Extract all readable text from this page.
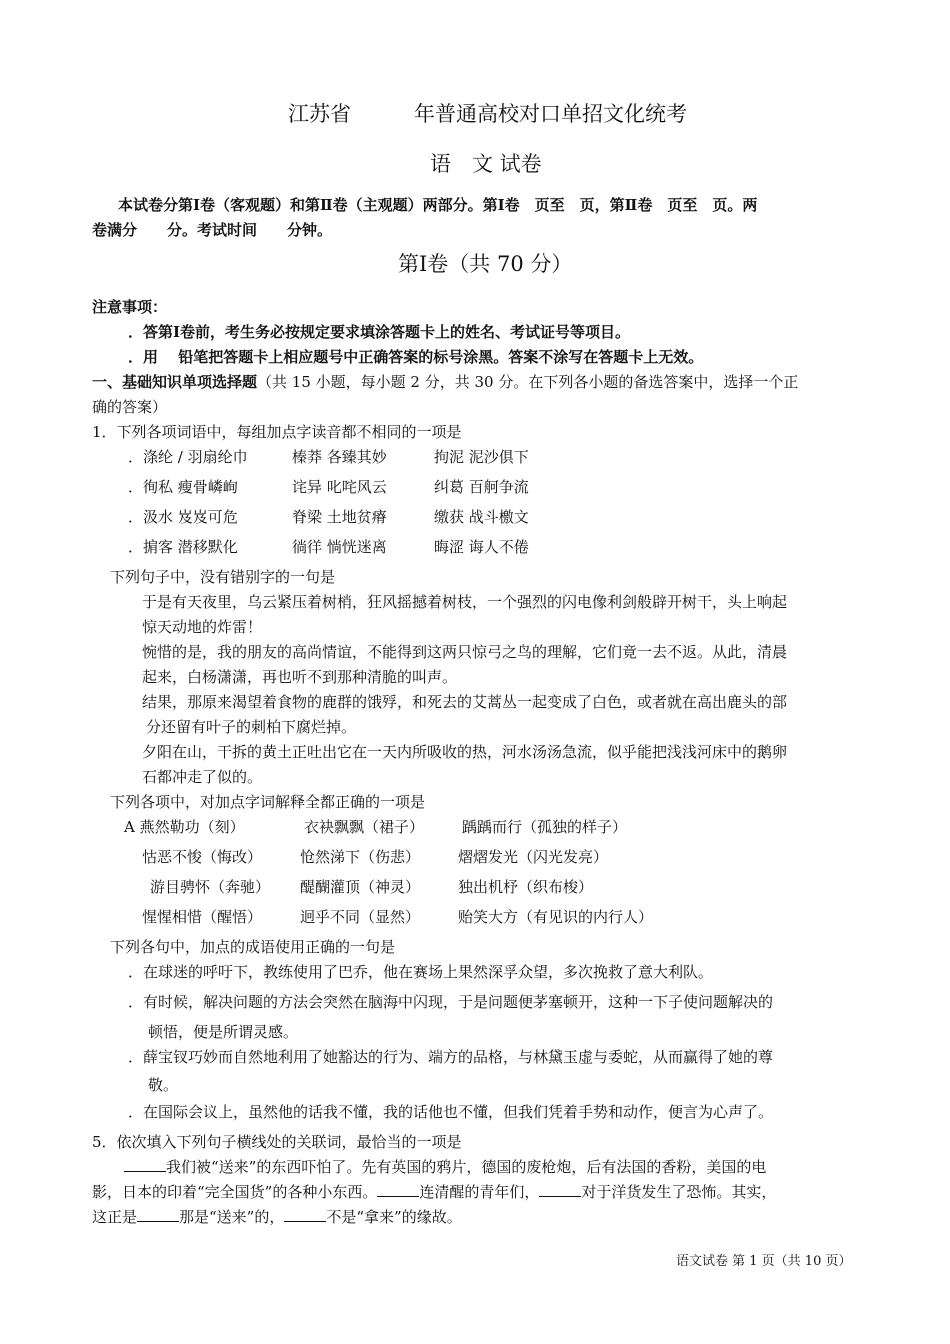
江苏省　　　年普通高校对口单招文化统考
语　文 试卷
本试卷分第Ⅰ卷（客观题）和第Ⅱ卷（主观题）两部分。第Ⅰ卷　页至　页，第Ⅱ卷　页至　页。两
卷满分　　分。考试时间　　分钟。
第Ⅰ卷（共 70 分）
注意事项：
．答第Ⅰ卷前，考生务必按规定要求填涂答题卡上的姓名、考试证号等项目。
．用　 铅笔把答题卡上相应题号中正确答案的标号涂黑。答案不涂写在答题卡上无效。
一、基础知识单项选择题（共 15 小题，每小题 2 分，共 30 分。在下列各小题的备选答案中，选择一个正
确的答案）
1．下列各项词语中，每组加点字读音都不相同的一项是
．涤纶 / 羽扇纶巾	榛莽 各臻其妙	拘泥 泥沙俱下
．徇私 瘦骨嶙峋	诧异 叱咤风云	纠葛 百舸争流
．汲水 岌岌可危	脊梁 土地贫瘠	缴获 战斗檄文
．掮客 潜移默化	徜徉 惝恍迷离	晦涩 诲人不倦
下列句子中，没有错别字的一句是
于是有天夜里，乌云紧压着树梢，狂风摇撼着树枝，一个强烈的闪电像利剑般辟开树干，头上响起
惊天动地的炸雷！
惋惜的是，我的朋友的高尚情谊，不能得到这两只惊弓之鸟的理解，它们竟一去不返。从此，清晨
起来，白杨潇潇，再也听不到那种清脆的叫声。
结果，那原来渴望着食物的鹿群的饿殍，和死去的艾蒿丛一起变成了白色，或者就在高出鹿头的部
分还留有叶子的刺柏下腐烂掉。
夕阳在山，干拆的黄土正吐出它在一天内所吸收的热，河水汤汤急流，似乎能把浅浅河床中的鹅卵
石都冲走了似的。
下列各项中，对加点字词解释全都正确的一项是
A 燕然勒功（刻）	衣袂飘飘（裙子）	踽踽而行（孤独的样子）
怙恶不悛（悔改）	怆然涕下（伤悲）	熠熠发光（闪光发亮）
游目骋怀（奔驰） 醍醐灌顶（神灵）	独出机杼（织布梭）
惺惺相惜（醒悟）	迥乎不同（显然）	贻笑大方（有见识的内行人）
下列各句中，加点的成语使用正确的一句是
．在球迷的呼吁下，教练使用了巴乔，他在赛场上果然深孚众望，多次挽救了意大利队。
．有时候，解决问题的方法会突然在脑海中闪现，于是问题便茅塞顿开，这种一下子使问题解决的
顿悟，便是所谓灵感。
．薛宝钗巧妙而自然地利用了她豁达的行为、端方的品格，与林黛玉虚与委蛇，从而赢得了她的尊
敬。
．在国际会议上，虽然他的话我不懂，我的话他也不懂，但我们凭着手势和动作，便言为心声了。
5．依次填入下列句子横线处的关联词，最恰当的一项是
我们被“送来”的东西吓怕了。先有英国的鸦片，德国的废枪炮，后有法国的香粉，美国的电
影，日本的印着“完全国货”的各种小东西。	连清醒的青年们，	对于洋货发生了恐怖。其实，
这正是	那是“送来”的，	不是“拿来”的缘故。
语文试卷 第 1 页（共 10 页）
